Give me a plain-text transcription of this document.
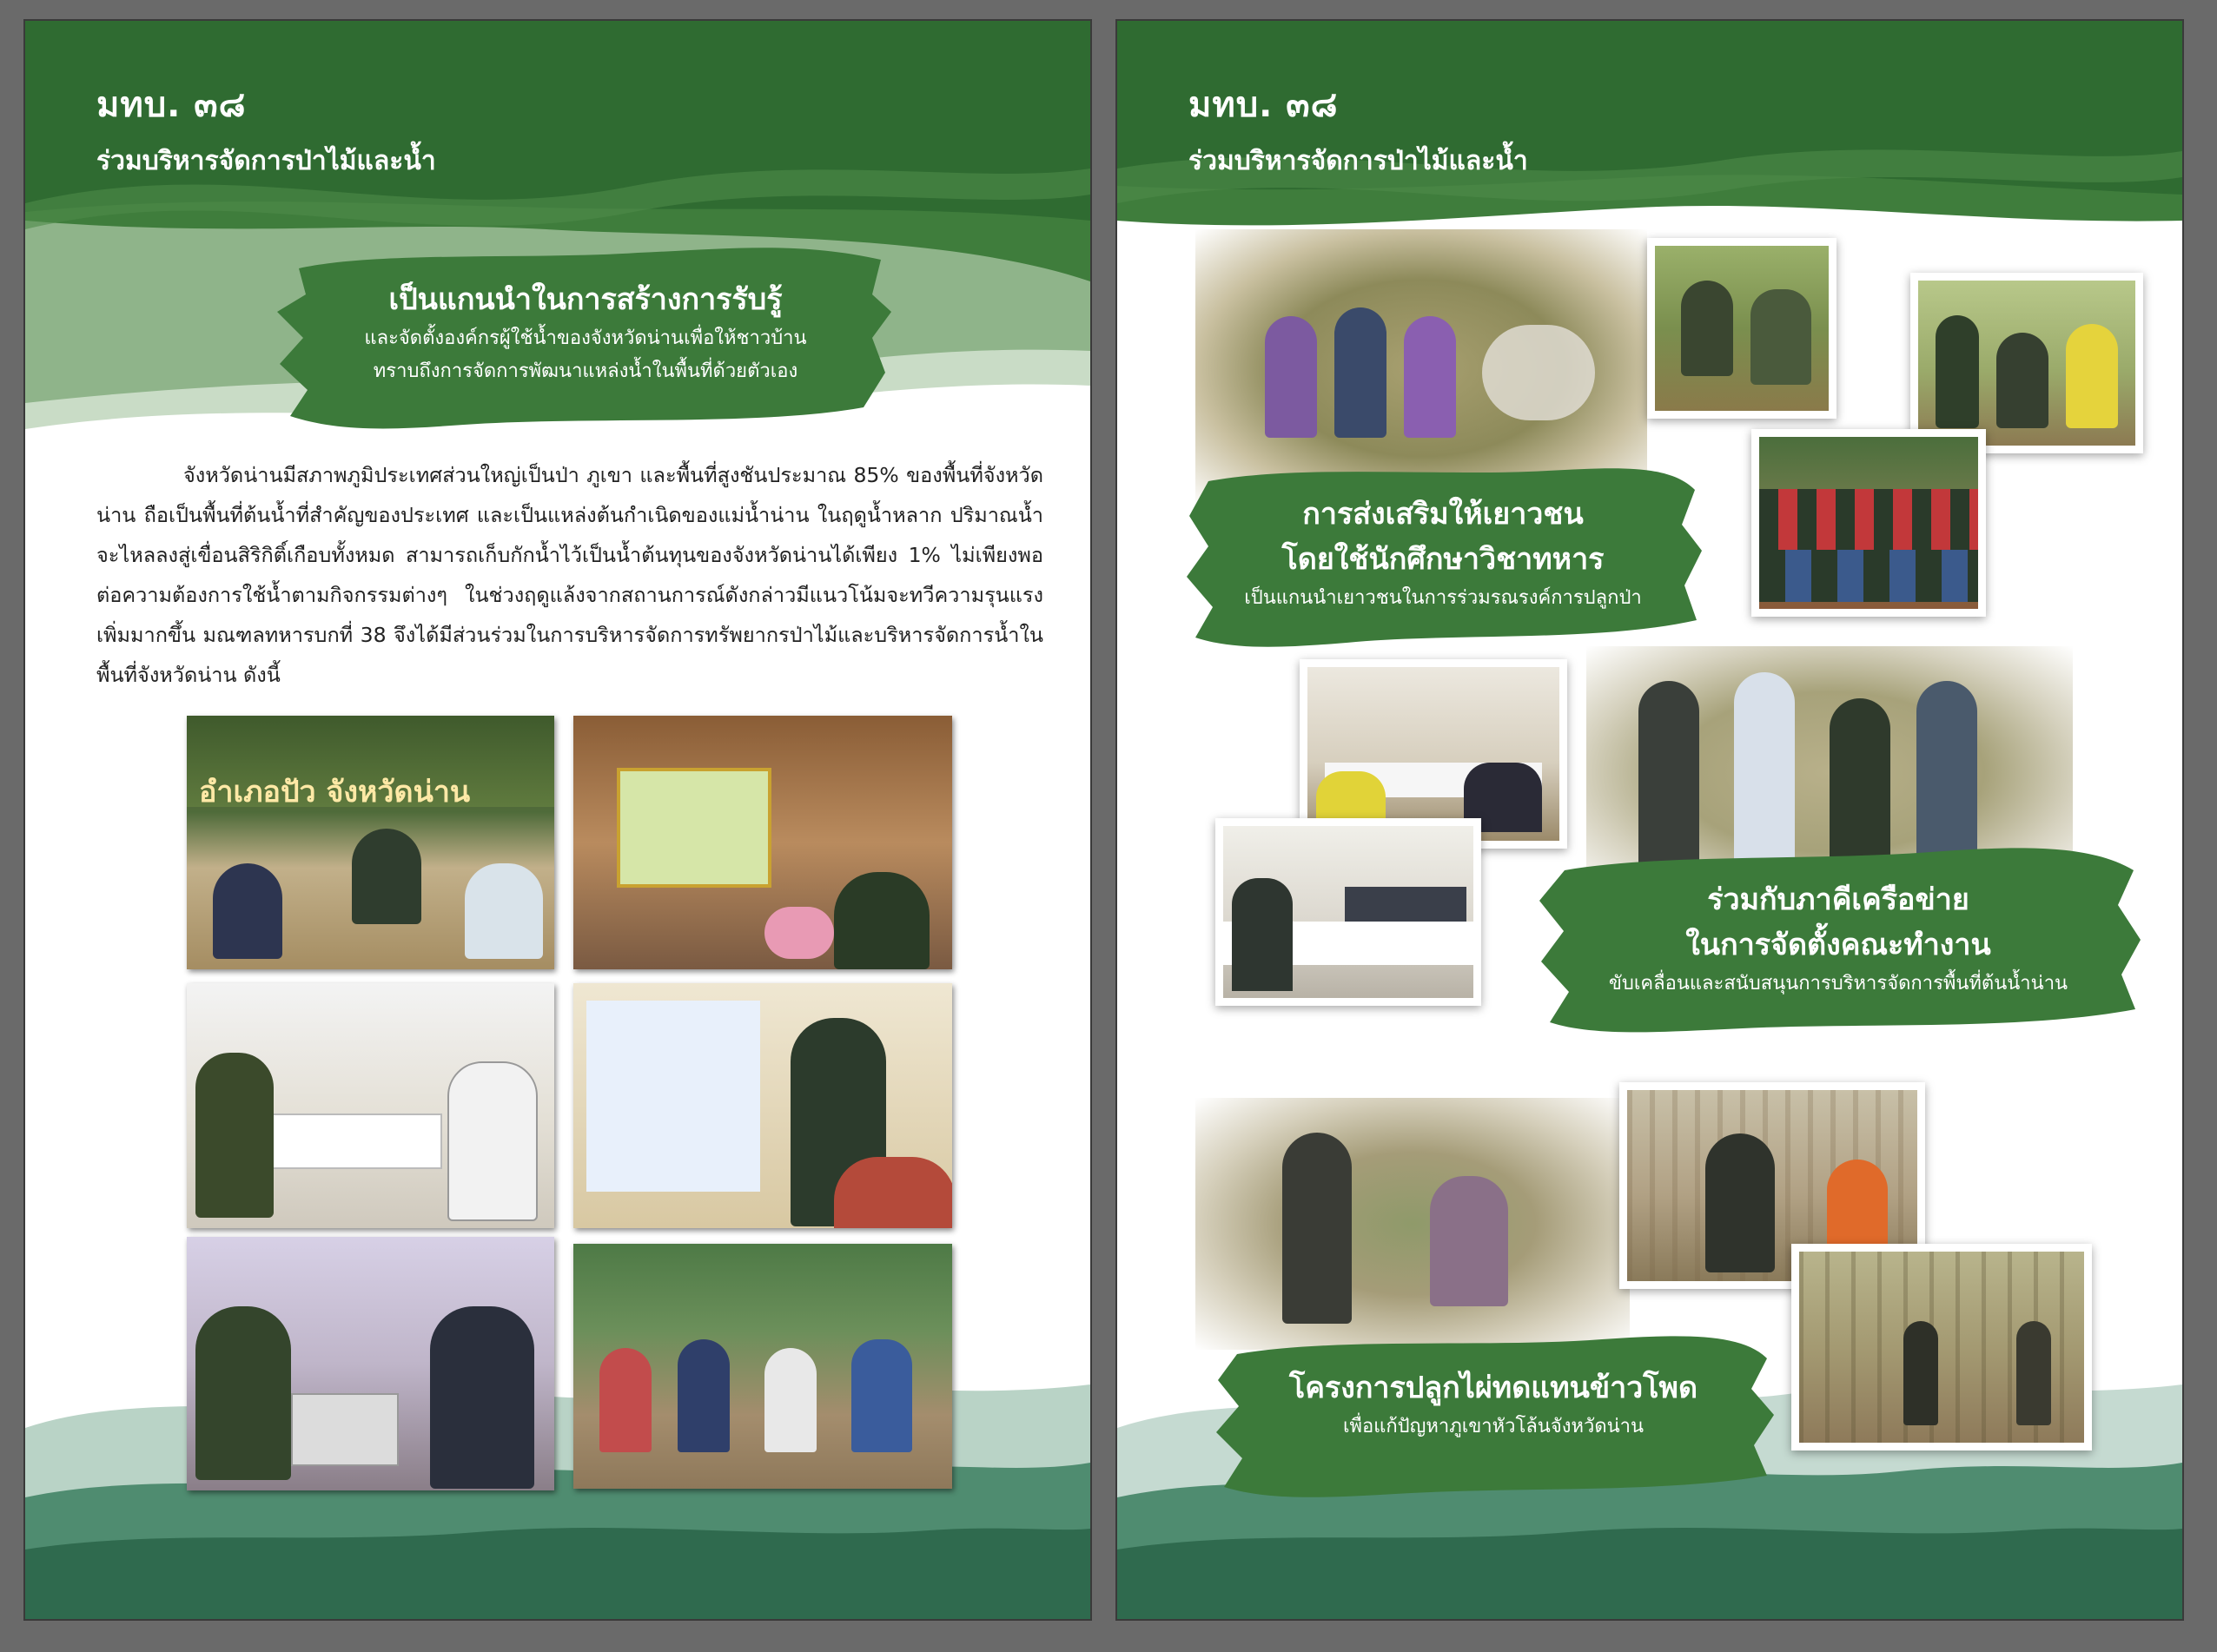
มทบ. ๓๘
ร่วมบริหารจัดการป่าไม้และน้ำ
เป็นแกนนำในการสร้างการรับรู้
และจัดตั้งองค์กรผู้ใช้น้ำของจังหวัดน่านเพื่อให้ชาวบ้าน
ทราบถึงการจัดการพัฒนาแหล่งน้ำในพื้นที่ด้วยตัวเอง
จังหวัดน่านมีสภาพภูมิประเทศส่วนใหญ่เป็นป่า ภูเขา และพื้นที่สูงชันประมาณ 85% ของพื้นที่จังหวัดน่าน ถือเป็นพื้นที่ต้นน้ำที่สำคัญของประเทศ และเป็นแหล่งต้นกำเนิดของแม่น้ำน่าน ในฤดูน้ำหลาก ปริมาณน้ำจะไหลลงสู่เขื่อนสิริกิติ์เกือบทั้งหมด สามารถเก็บกักน้ำไว้เป็นน้ำต้นทุนของจังหวัดน่านได้เพียง 1% ไม่เพียงพอต่อความต้องการใช้น้ำตามกิจกรรมต่างๆ ในช่วงฤดูแล้งจากสถานการณ์ดังกล่าวมีแนวโน้มจะทวีความรุนแรงเพิ่มมากขึ้น มณฑลทหารบกที่ 38 จึงได้มีส่วนร่วมในการบริหารจัดการทรัพยากรป่าไม้และบริหารจัดการน้ำในพื้นที่จังหวัดน่าน ดังนี้
อำเภอปัว จังหวัดน่าน
มทบ. ๓๘
ร่วมบริหารจัดการป่าไม้และน้ำ
การส่งเสริมให้เยาวชน
โดยใช้นักศึกษาวิชาทหาร
เป็นแกนนำเยาวชนในการร่วมรณรงค์การปลูกป่า
ร่วมกับภาคีเครือข่าย
ในการจัดตั้งคณะทำงาน
ขับเคลื่อนและสนับสนุนการบริหารจัดการพื้นที่ต้นน้ำน่าน
โครงการปลูกไผ่ทดแทนข้าวโพด
เพื่อแก้ปัญหาภูเขาหัวโล้นจังหวัดน่าน
